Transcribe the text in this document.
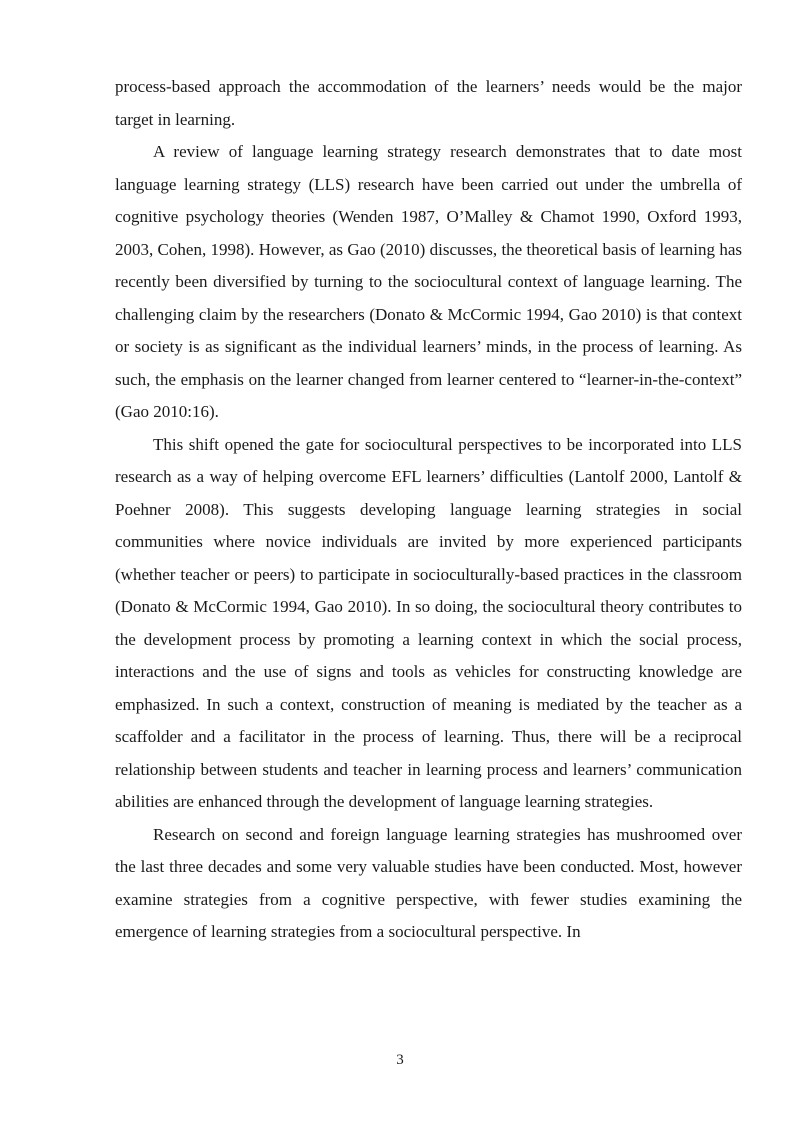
process-based approach the accommodation of the learners’ needs would be the major target in learning.

A review of language learning strategy research demonstrates that to date most language learning strategy (LLS) research have been carried out under the umbrella of cognitive psychology theories (Wenden 1987, O’Malley & Chamot 1990, Oxford 1993, 2003, Cohen, 1998). However, as Gao (2010) discusses, the theoretical basis of learning has recently been diversified by turning to the sociocultural context of language learning. The challenging claim by the researchers (Donato & McCormic 1994, Gao 2010) is that context or society is as significant as the individual learners’ minds, in the process of learning. As such, the emphasis on the learner changed from learner centered to “learner-in-the-context” (Gao 2010:16).

This shift opened the gate for sociocultural perspectives to be incorporated into LLS research as a way of helping overcome EFL learners’ difficulties (Lantolf 2000, Lantolf & Poehner 2008). This suggests developing language learning strategies in social communities where novice individuals are invited by more experienced participants (whether teacher or peers) to participate in socioculturally-based practices in the classroom (Donato & McCormic 1994, Gao 2010). In so doing, the sociocultural theory contributes to the development process by promoting a learning context in which the social process, interactions and the use of signs and tools as vehicles for constructing knowledge are emphasized. In such a context, construction of meaning is mediated by the teacher as a scaffolder and a facilitator in the process of learning. Thus, there will be a reciprocal relationship between students and teacher in learning process and learners’ communication abilities are enhanced through the development of language learning strategies.

Research on second and foreign language learning strategies has mushroomed over the last three decades and some very valuable studies have been conducted. Most, however examine strategies from a cognitive perspective, with fewer studies examining the emergence of learning strategies from a sociocultural perspective. In

3
